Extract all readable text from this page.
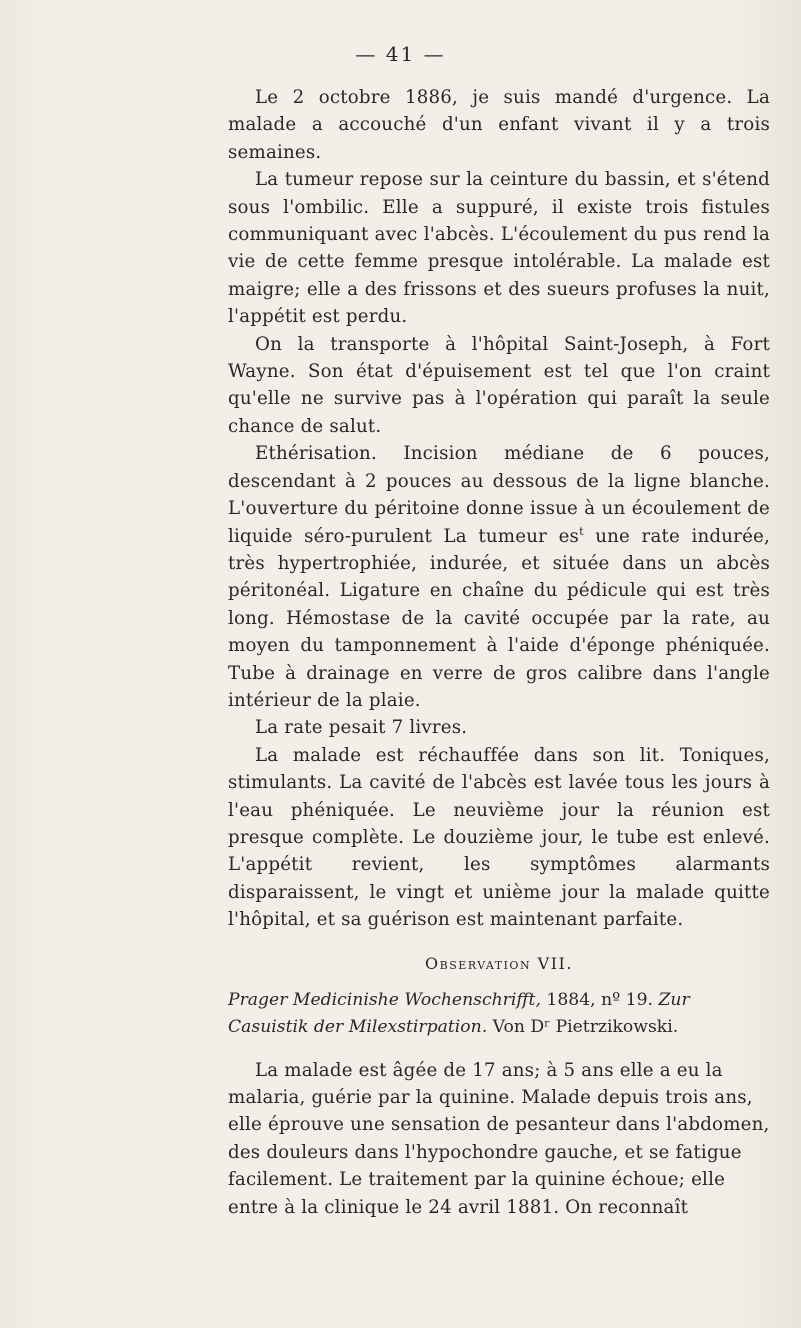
— 41 —

Le 2 octobre 1886, je suis mandé d'urgence. La malade a accouché d'un enfant vivant il y a trois semaines.

La tumeur repose sur la ceinture du bassin, et s'étend sous l'ombilic. Elle a suppuré, il existe trois fistules communiquant avec l'abcès. L'écoulement du pus rend la vie de cette femme presque intolérable. La malade est maigre; elle a des frissons et des sueurs profuses la nuit, l'appétit est perdu.

On la transporte à l'hôpital Saint-Joseph, à Fort Wayne. Son état d'épuisement est tel que l'on craint qu'elle ne survive pas à l'opération qui paraît la seule chance de salut.

Ethérisation. Incision médiane de 6 pouces, descendant à 2 pouces au dessous de la ligne blanche. L'ouverture du péritoine donne issue à un écoulement de liquide séro-purulent La tumeur $es^t$ une rate indurée, très hypertrophiée, indurée, et située dans un abcès péritonéal. Ligature en chaîne du pédicule qui est très long. Hémostase de la cavité occupée par la rate, au moyen du tamponnement à l'aide d'éponge phéniquée. Tube à drainage en verre de gros calibre dans l'angle intérieur de la plaie.

La rate pesait 7 livres.

La malade est réchauffée dans son lit. Toniques, stimulants. La cavité de l'abcès est lavée tous les jours à l'eau phéniquée. Le neuvième jour la réunion est presque complète. Le douzième jour, le tube est enlevé. L'appétit revient, les symptômes alarmants disparaissent, le vingt et unième jour la malade quitte l'hôpital, et sa guérison est maintenant parfaite.

Observation VII.

Prager Medicinishe Wochenschrifft, 1884, nº 19. Zur Casuistik der Milexstirpation. Von Dʳ Pietrzikowski.

La malade est âgée de 17 ans; à 5 ans elle a eu la malaria, guérie par la quinine. Malade depuis trois ans, elle éprouve une sensation de pesanteur dans l'abdomen, des douleurs dans l'hypochondre gauche, et se fatigue facilement. Le traitement par la quinine échoue; elle entre à la clinique le 24 avril 1881. On reconnaît
